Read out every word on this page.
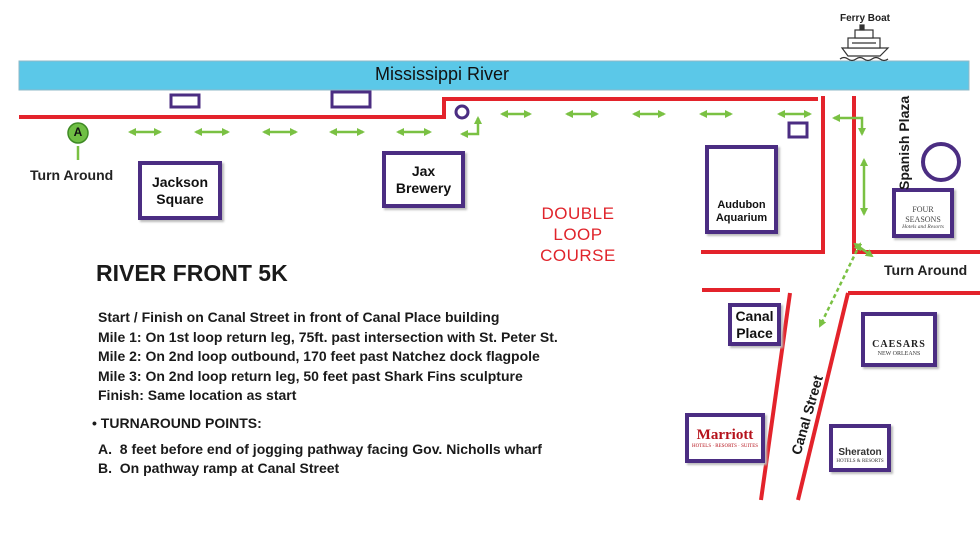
Mississippi River
Ferry Boat
A
Turn Around
Turn Around
Jackson
Square
Jax
Brewery
Audubon
Aquarium
Canal
Place
FOUR SEASONS
Hotels and Resorts
CAESARS
NEW ORLEANS
Marriott
HOTELS · RESORTS · SUITES
Sheraton
HOTELS & RESORTS
Spanish Plaza
Canal Street
DOUBLE
LOOP
COURSE
RIVER FRONT 5K
Start / Finish on Canal Street in front of Canal Place building
Mile 1: On 1st loop return leg, 75ft. past intersection with St. Peter St.
Mile 2: On 2nd loop outbound, 170 feet past Natchez dock flagpole
Mile 3: On 2nd loop return leg, 50 feet past Shark Fins sculpture
Finish: Same location as start
• TURNAROUND POINTS:
A.  8 feet before end of jogging pathway facing Gov. Nicholls wharf
B.  On pathway ramp at Canal Street
